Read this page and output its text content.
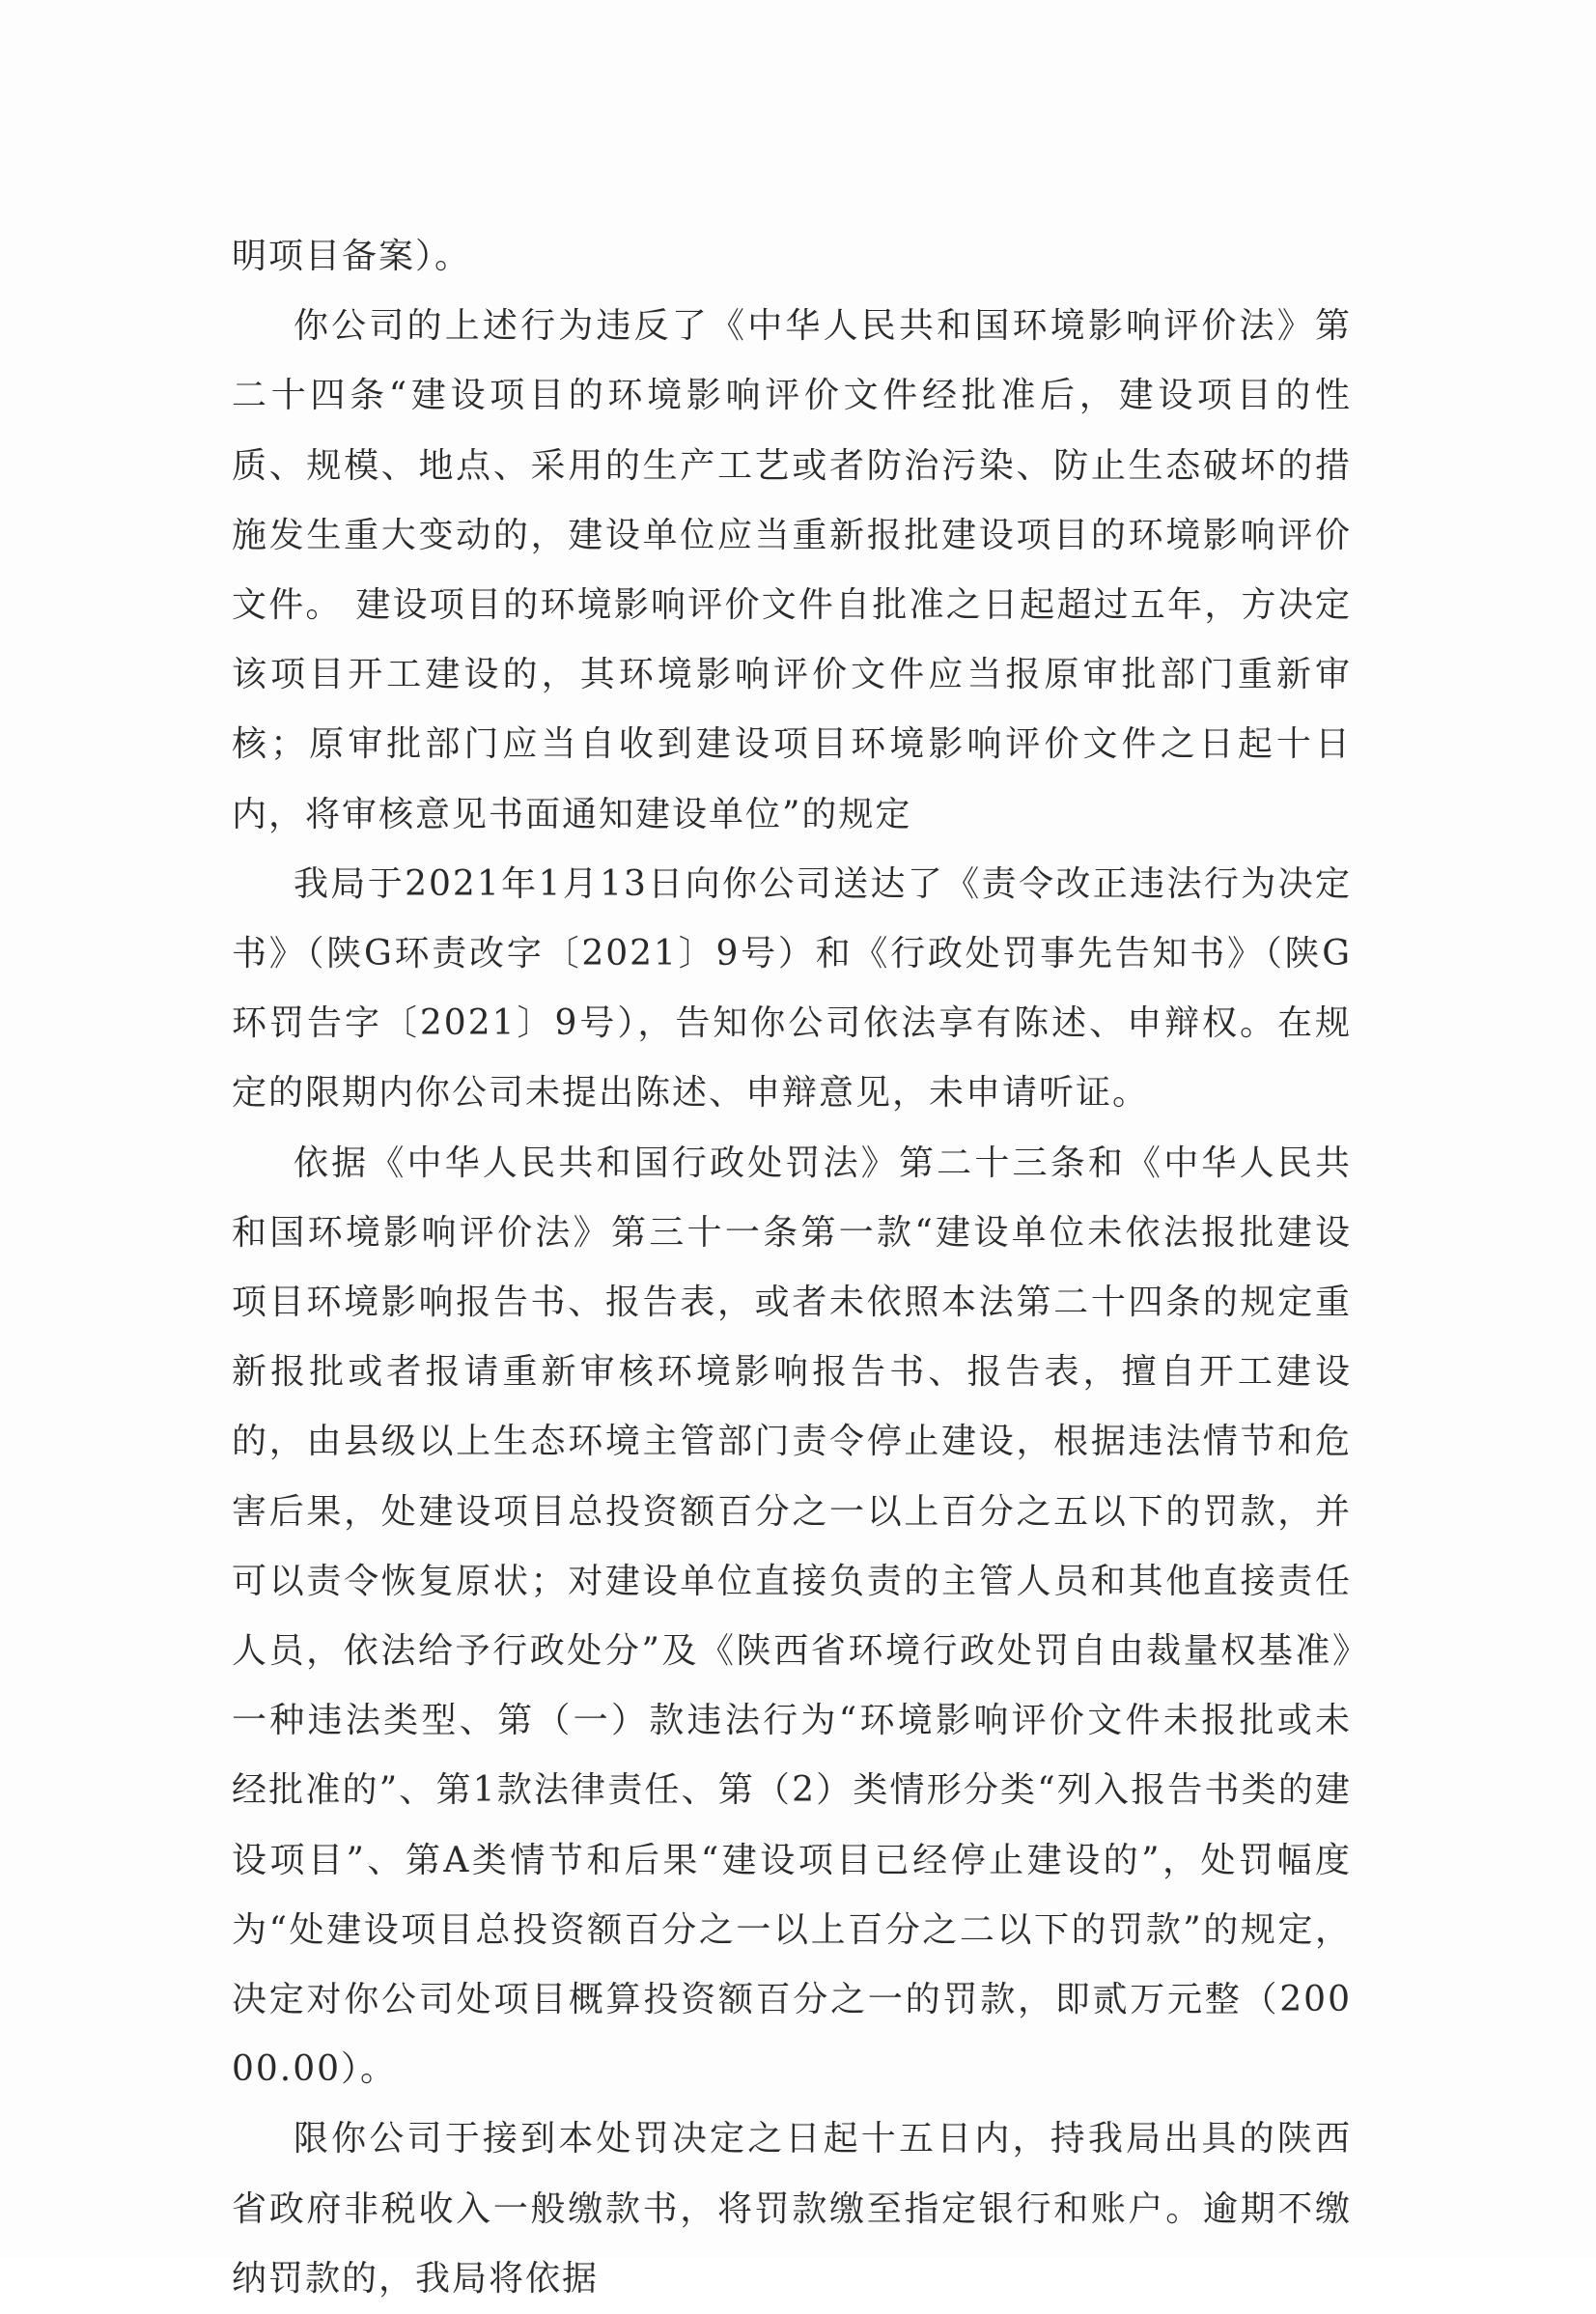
明项目备案）。

你公司的上述行为违反了《中华人民共和国环境影响评价法》第二十四条“建设项目的环境影响评价文件经批准后，建设项目的性质、规模、地点、采用的生产工艺或者防治污染、防止生态破坏的措施发生重大变动的，建设单位应当重新报批建设项目的环境影响评价文件。 建设项目的环境影响评价文件自批准之日起超过五年，方决定该项目开工建设的，其环境影响评价文件应当报原审批部门重新审核；原审批部门应当自收到建设项目环境影响评价文件之日起十日内，将审核意见书面通知建设单位”的规定

我局于2021年1月13日向你公司送达了《责令改正违法行为决定书》（陕G环责改字〔2021〕9号）和《行政处罚事先告知书》（陕G环罚告字〔2021〕9号），告知你公司依法享有陈述、申辩权。在规定的限期内你公司未提出陈述、申辩意见，未申请听证。

依据《中华人民共和国行政处罚法》第二十三条和《中华人民共和国环境影响评价法》第三十一条第一款“建设单位未依法报批建设项目环境影响报告书、报告表，或者未依照本法第二十四条的规定重新报批或者报请重新审核环境影响报告书、报告表，擅自开工建设的，由县级以上生态环境主管部门责令停止建设，根据违法情节和危害后果，处建设项目总投资额百分之一以上百分之五以下的罚款，并可以责令恢复原状；对建设单位直接负责的主管人员和其他直接责任人员，依法给予行政处分”及《陕西省环境行政处罚自由裁量权基准》一种违法类型、第（一）款违法行为“环境影响评价文件未报批或未经批准的”、第1款法律责任、第（2）类情形分类“列入报告书类的建设项目”、第A类情节和后果“建设项目已经停止建设的”，处罚幅度为“处建设项目总投资额百分之一以上百分之二以下的罚款”的规定，决定对你公司处项目概算投资额百分之一的罚款，即贰万元整（20000.00）。

限你公司于接到本处罚决定之日起十五日内，持我局出具的陕西省政府非税收入一般缴款书，将罚款缴至指定银行和账户。逾期不缴纳罚款的，我局将依据
